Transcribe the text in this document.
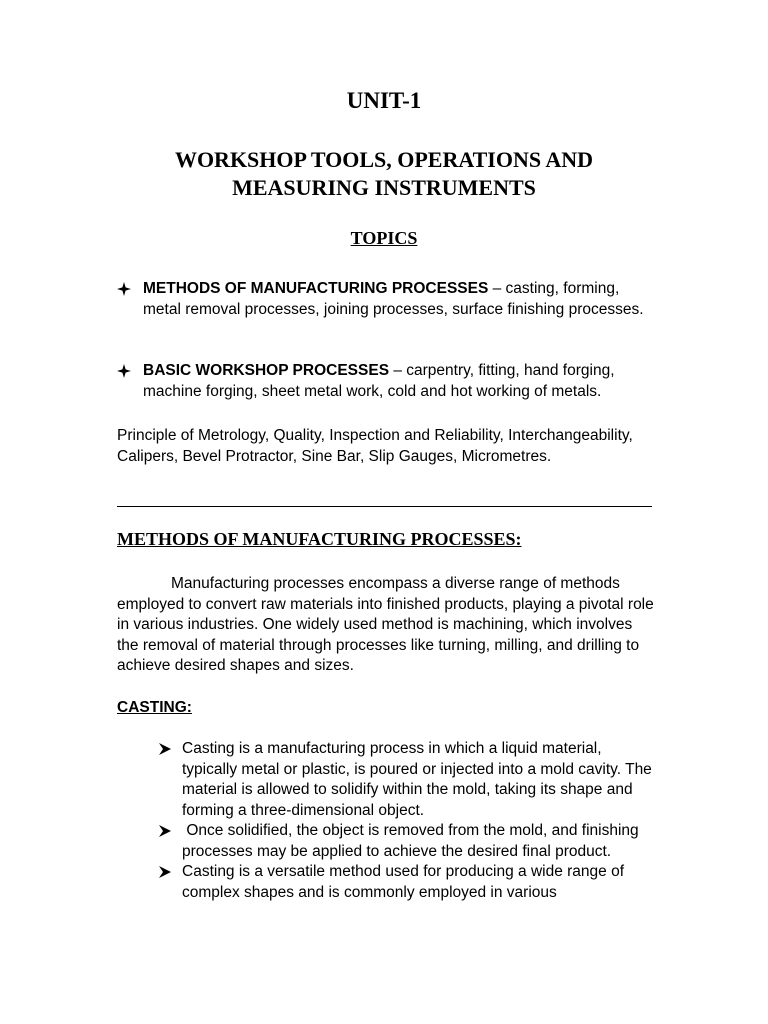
UNIT-1
WORKSHOP TOOLS, OPERATIONS AND
MEASURING INSTRUMENTS
TOPICS
METHODS OF MANUFACTURING PROCESSES – casting, forming, metal removal processes, joining processes, surface finishing processes.
BASIC WORKSHOP PROCESSES – carpentry, fitting, hand forging, machine forging, sheet metal work, cold and hot working of metals.
Principle of Metrology, Quality, Inspection and Reliability, Interchangeability, Calipers, Bevel Protractor, Sine Bar, Slip Gauges, Micrometres.
METHODS OF MANUFACTURING PROCESSES:
Manufacturing processes encompass a diverse range of methods employed to convert raw materials into finished products, playing a pivotal role in various industries. One widely used method is machining, which involves the removal of material through processes like turning, milling, and drilling to achieve desired shapes and sizes.
CASTING:
Casting is a manufacturing process in which a liquid material, typically metal or plastic, is poured or injected into a mold cavity. The material is allowed to solidify within the mold, taking its shape and forming a three-dimensional object.
Once solidified, the object is removed from the mold, and finishing processes may be applied to achieve the desired final product.
Casting is a versatile method used for producing a wide range of complex shapes and is commonly employed in various
